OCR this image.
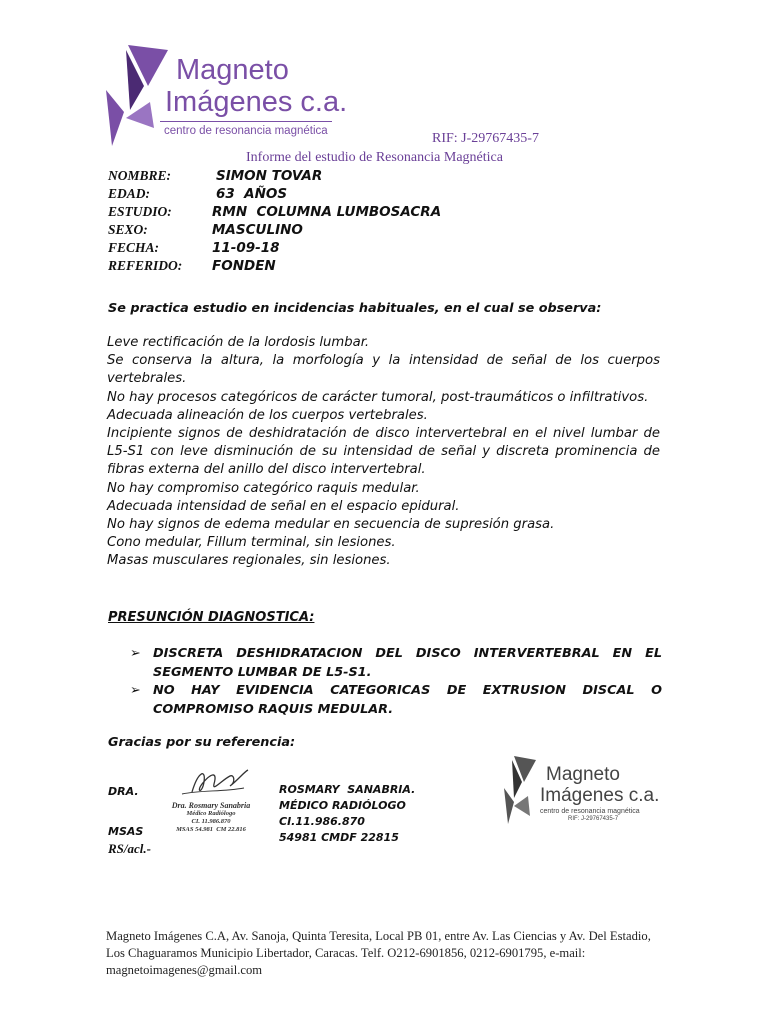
Magneto
Imágenes c.a.
centro de resonancia magnética	RIF: J-29767435-7
Informe del estudio de Resonancia Magnética
NOMBRE:	SIMON TOVAR
EDAD:	63  AÑOS
ESTUDIO:	RMN  COLUMNA LUMBOSACRA
SEXO:	MASCULINO
FECHA:	11-09-18
REFERIDO: FONDEN
Se practica estudio en incidencias habituales, en el cual se observa:
Leve rectificación de la lordosis lumbar.
Se conserva la altura, la morfología y la intensidad de señal de los cuerpos vertebrales.
No hay procesos categóricos de carácter tumoral, post-traumáticos o infiltrativos.
Adecuada alineación de los cuerpos vertebrales.
Incipiente signos de deshidratación de disco intervertebral en el nivel lumbar de L5-S1 con leve disminución de su intensidad de señal y discreta prominencia de fibras externa del anillo del disco intervertebral.
No hay compromiso categórico raquis medular.
Adecuada intensidad de señal en el espacio epidural.
No hay signos de edema medular en secuencia de supresión grasa.
Cono medular, Fillum terminal, sin lesiones.
Masas musculares regionales, sin lesiones.
PRESUNCIÓN DIAGNOSTICA:
➢ DISCRETA DESHIDRATACION DEL DISCO INTERVERTEBRAL EN EL SEGMENTO LUMBAR DE L5-S1.
➢ NO HAY EVIDENCIA CATEGORICAS DE EXTRUSION DISCAL O COMPROMISO RAQUIS MEDULAR.
Gracias por su referencia:
DRA.
MSAS
RS/acl.-
Dra. Rosmary Sanabria
Médico Radiólogo
CI. 11.986.870
MSAS 54.981  CM 22.816
ROSMARY  SANABRIA.
MÉDICO RADIÓLOGO
CI.11.986.870
54981 CMDF 22815
Magneto
Imágenes c.a.
centro de resonancia magnética
RIF: J-29767435-7
Magneto Imágenes C.A, Av. Sanoja, Quinta Teresita, Local PB 01, entre Av. Las Ciencias y Av. Del Estadio, Los Chaguaramos Municipio Libertador, Caracas. Telf. O212-6901856, 0212-6901795, e-mail: magnetoimagenes@gmail.com
